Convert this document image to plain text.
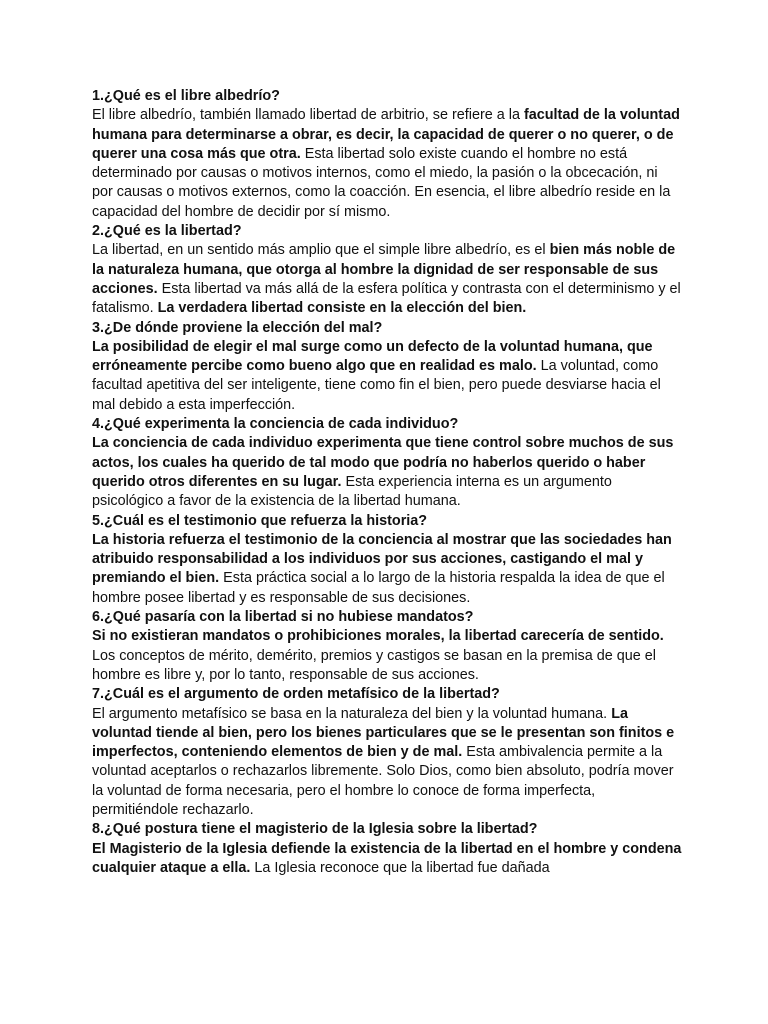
1.¿Qué es el libre albedrío?

El libre albedrío, también llamado libertad de arbitrio, se refiere a la facultad de la voluntad humana para determinarse a obrar, es decir, la capacidad de querer o no querer, o de querer una cosa más que otra. Esta libertad solo existe cuando el hombre no está determinado por causas o motivos internos, como el miedo, la pasión o la obcecación, ni por causas o motivos externos, como la coacción. En esencia, el libre albedrío reside en la capacidad del hombre de decidir por sí mismo.

2.¿Qué es la libertad?

La libertad, en un sentido más amplio que el simple libre albedrío, es el bien más noble de la naturaleza humana, que otorga al hombre la dignidad de ser responsable de sus acciones. Esta libertad va más allá de la esfera política y contrasta con el determinismo y el fatalismo. La verdadera libertad consiste en la elección del bien.

3.¿De dónde proviene la elección del mal?

La posibilidad de elegir el mal surge como un defecto de la voluntad humana, que erróneamente percibe como bueno algo que en realidad es malo. La voluntad, como facultad apetitiva del ser inteligente, tiene como fin el bien, pero puede desviarse hacia el mal debido a esta imperfección.

4.¿Qué experimenta la conciencia de cada individuo?

La conciencia de cada individuo experimenta que tiene control sobre muchos de sus actos, los cuales ha querido de tal modo que podría no haberlos querido o haber querido otros diferentes en su lugar. Esta experiencia interna es un argumento psicológico a favor de la existencia de la libertad humana.

5.¿Cuál es el testimonio que refuerza la historia?

La historia refuerza el testimonio de la conciencia al mostrar que las sociedades han atribuido responsabilidad a los individuos por sus acciones, castigando el mal y premiando el bien. Esta práctica social a lo largo de la historia respalda la idea de que el hombre posee libertad y es responsable de sus decisiones.

6.¿Qué pasaría con la libertad si no hubiese mandatos?

Si no existieran mandatos o prohibiciones morales, la libertad carecería de sentido. Los conceptos de mérito, demérito, premios y castigos se basan en la premisa de que el hombre es libre y, por lo tanto, responsable de sus acciones.

7.¿Cuál es el argumento de orden metafísico de la libertad?

El argumento metafísico se basa en la naturaleza del bien y la voluntad humana. La voluntad tiende al bien, pero los bienes particulares que se le presentan son finitos e imperfectos, conteniendo elementos de bien y de mal. Esta ambivalencia permite a la voluntad aceptarlos o rechazarlos libremente. Solo Dios, como bien absoluto, podría mover la voluntad de forma necesaria, pero el hombre lo conoce de forma imperfecta, permitiéndole rechazarlo.

8.¿Qué postura tiene el magisterio de la Iglesia sobre la libertad?

El Magisterio de la Iglesia defiende la existencia de la libertad en el hombre y condena cualquier ataque a ella. La Iglesia reconoce que la libertad fue dañada
